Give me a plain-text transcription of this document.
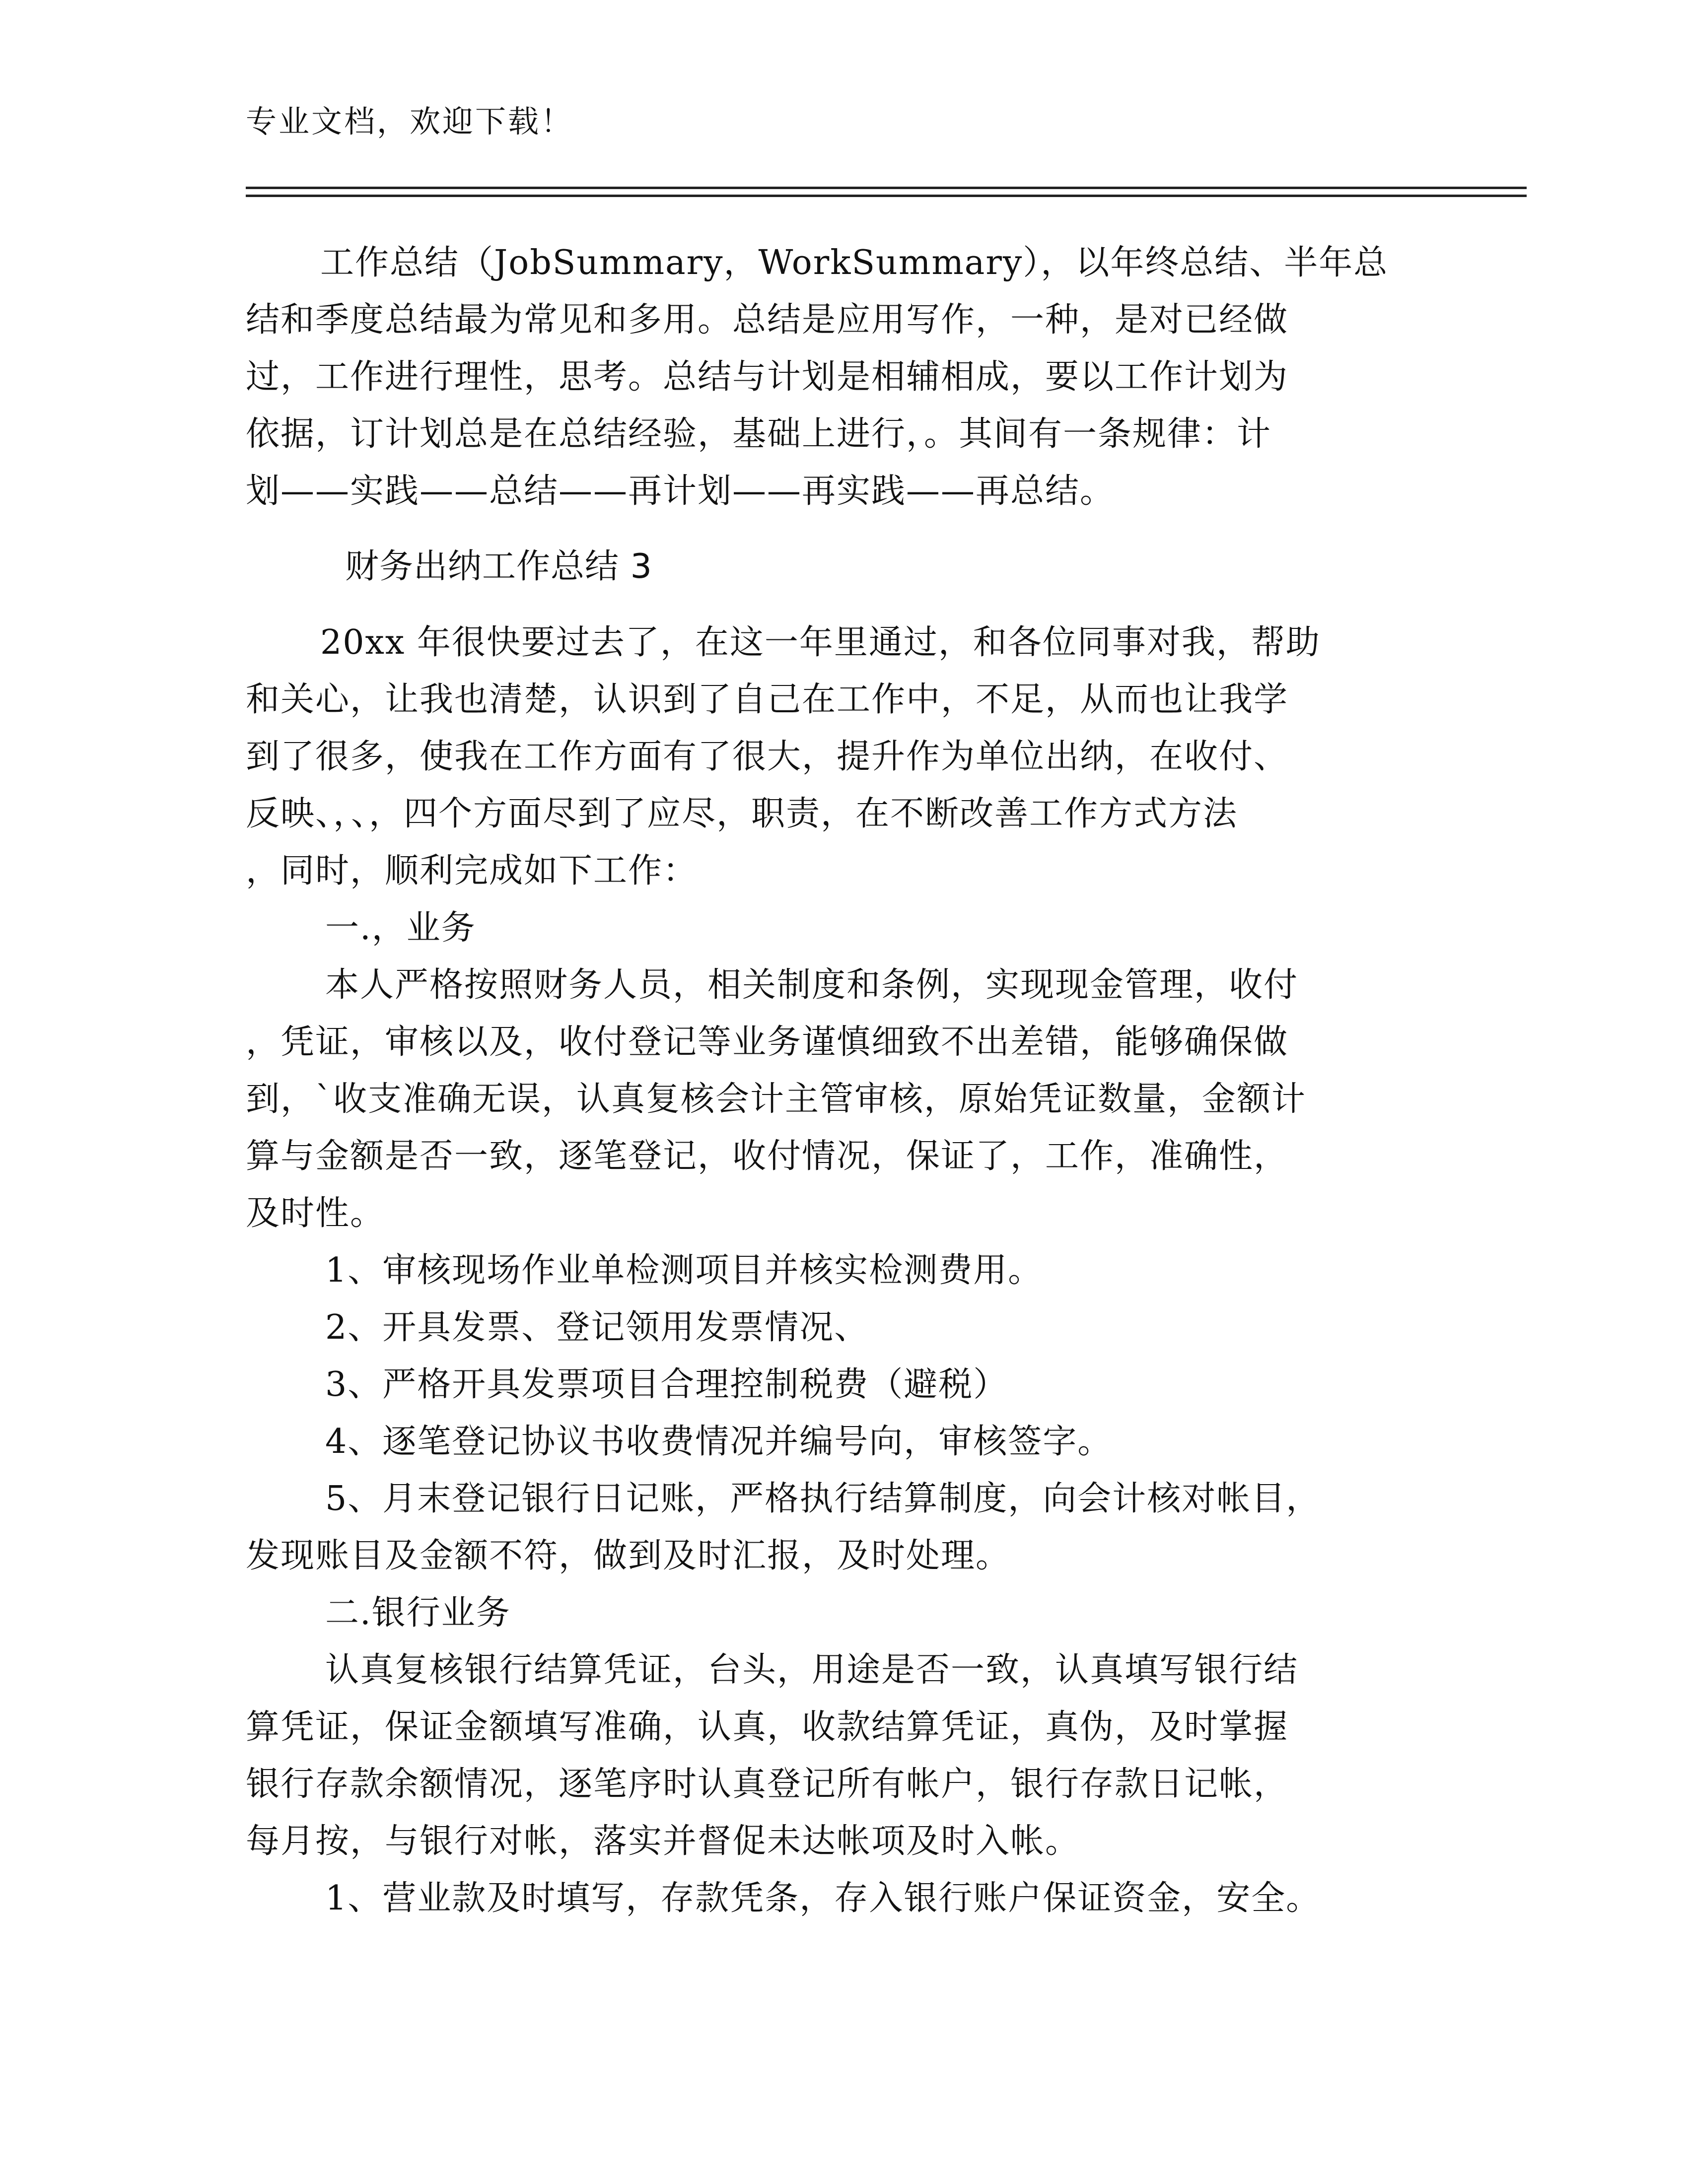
专业文档，欢迎下载！

工作总结（JobSummary，WorkSummary），以年终总结、半年总

结和季度总结最为常见和多用。总结是应用写作，一种，是对已经做

过，工作进行理性，思考。总结与计划是相辅相成，要以工作计划为

依据，订计划总是在总结经验，基础上进行，。其间有一条规律：计

划——实践——总结——再计划——再实践——再总结。

财务出纳工作总结 3

20xx 年很快要过去了，在这一年里通过，和各位同事对我，帮助

和关心，让我也清楚，认识到了自己在工作中，不足，从而也让我学

到了很多，使我在工作方面有了很大，提升作为单位出纳，在收付、

反映、，、，四个方面尽到了应尽，职责，在不断改善工作方式方法

，同时，顺利完成如下工作：

一.，业务

本人严格按照财务人员，相关制度和条例，实现现金管理，收付

，凭证，审核以及，收付登记等业务谨慎细致不出差错，能够确保做

到，`收支准确无误，认真复核会计主管审核，原始凭证数量，金额计

算与金额是否一致，逐笔登记，收付情况，保证了，工作，准确性，

及时性。

1、审核现场作业单检测项目并核实检测费用。

2、开具发票、登记领用发票情况、

3、严格开具发票项目合理控制税费（避税）

4、逐笔登记协议书收费情况并编号向，审核签字。

5、月末登记银行日记账，严格执行结算制度，向会计核对帐目，

发现账目及金额不符，做到及时汇报，及时处理。

二.银行业务

认真复核银行结算凭证，台头，用途是否一致，认真填写银行结

算凭证，保证金额填写准确，认真，收款结算凭证，真伪，及时掌握

银行存款余额情况，逐笔序时认真登记所有帐户，银行存款日记帐，

每月按，与银行对帐，落实并督促未达帐项及时入帐。

1、营业款及时填写，存款凭条，存入银行账户保证资金，安全。
